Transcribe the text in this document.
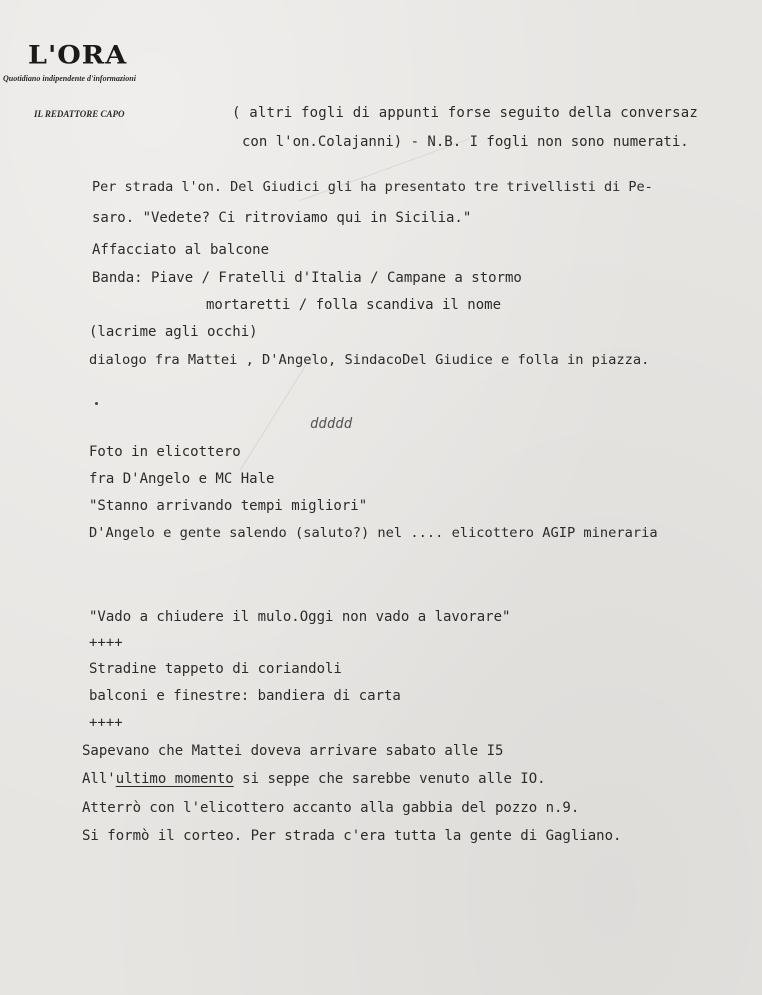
L'ORA
Quotidiano indipendente d'informazioni
IL REDATTORE CAPO	( altri fogli di appunti forse seguito della conversaz
con l'on.Colajanni) - N.B. I fogli non sono numerati.
Per strada l'on. Del Giudici gli ha presentato tre trivellisti di Pe-
saro. "Vedete? Ci ritroviamo qui in Sicilia."
Affacciato al balcone
Banda: Piave / Fratelli d'Italia / Campane a stormo
mortaretti / folla scandiva il nome
(lacrime agli occhi)
dialogo fra Mattei , D'Angelo, SindacoDel Giudice e folla in piazza.
ddddd
Foto in elicottero
fra D'Angelo e MC Hale
"Stanno arrivando tempi migliori"
D'Angelo e gente salendo (saluto?) nel .... elicottero AGIP mineraria
"Vado a chiudere il mulo.Oggi non vado a lavorare"
++++
Stradine tappeto di coriandoli
balconi e finestre: bandiera di carta
++++
Sapevano che Mattei doveva arrivare sabato alle I5
All'ultimo momento si seppe che sarebbe venuto alle IO.
Atterrò con l'elicottero accanto alla gabbia del pozzo n.9.
Si formò il corteo. Per strada c'era tutta la gente di Gagliano.
